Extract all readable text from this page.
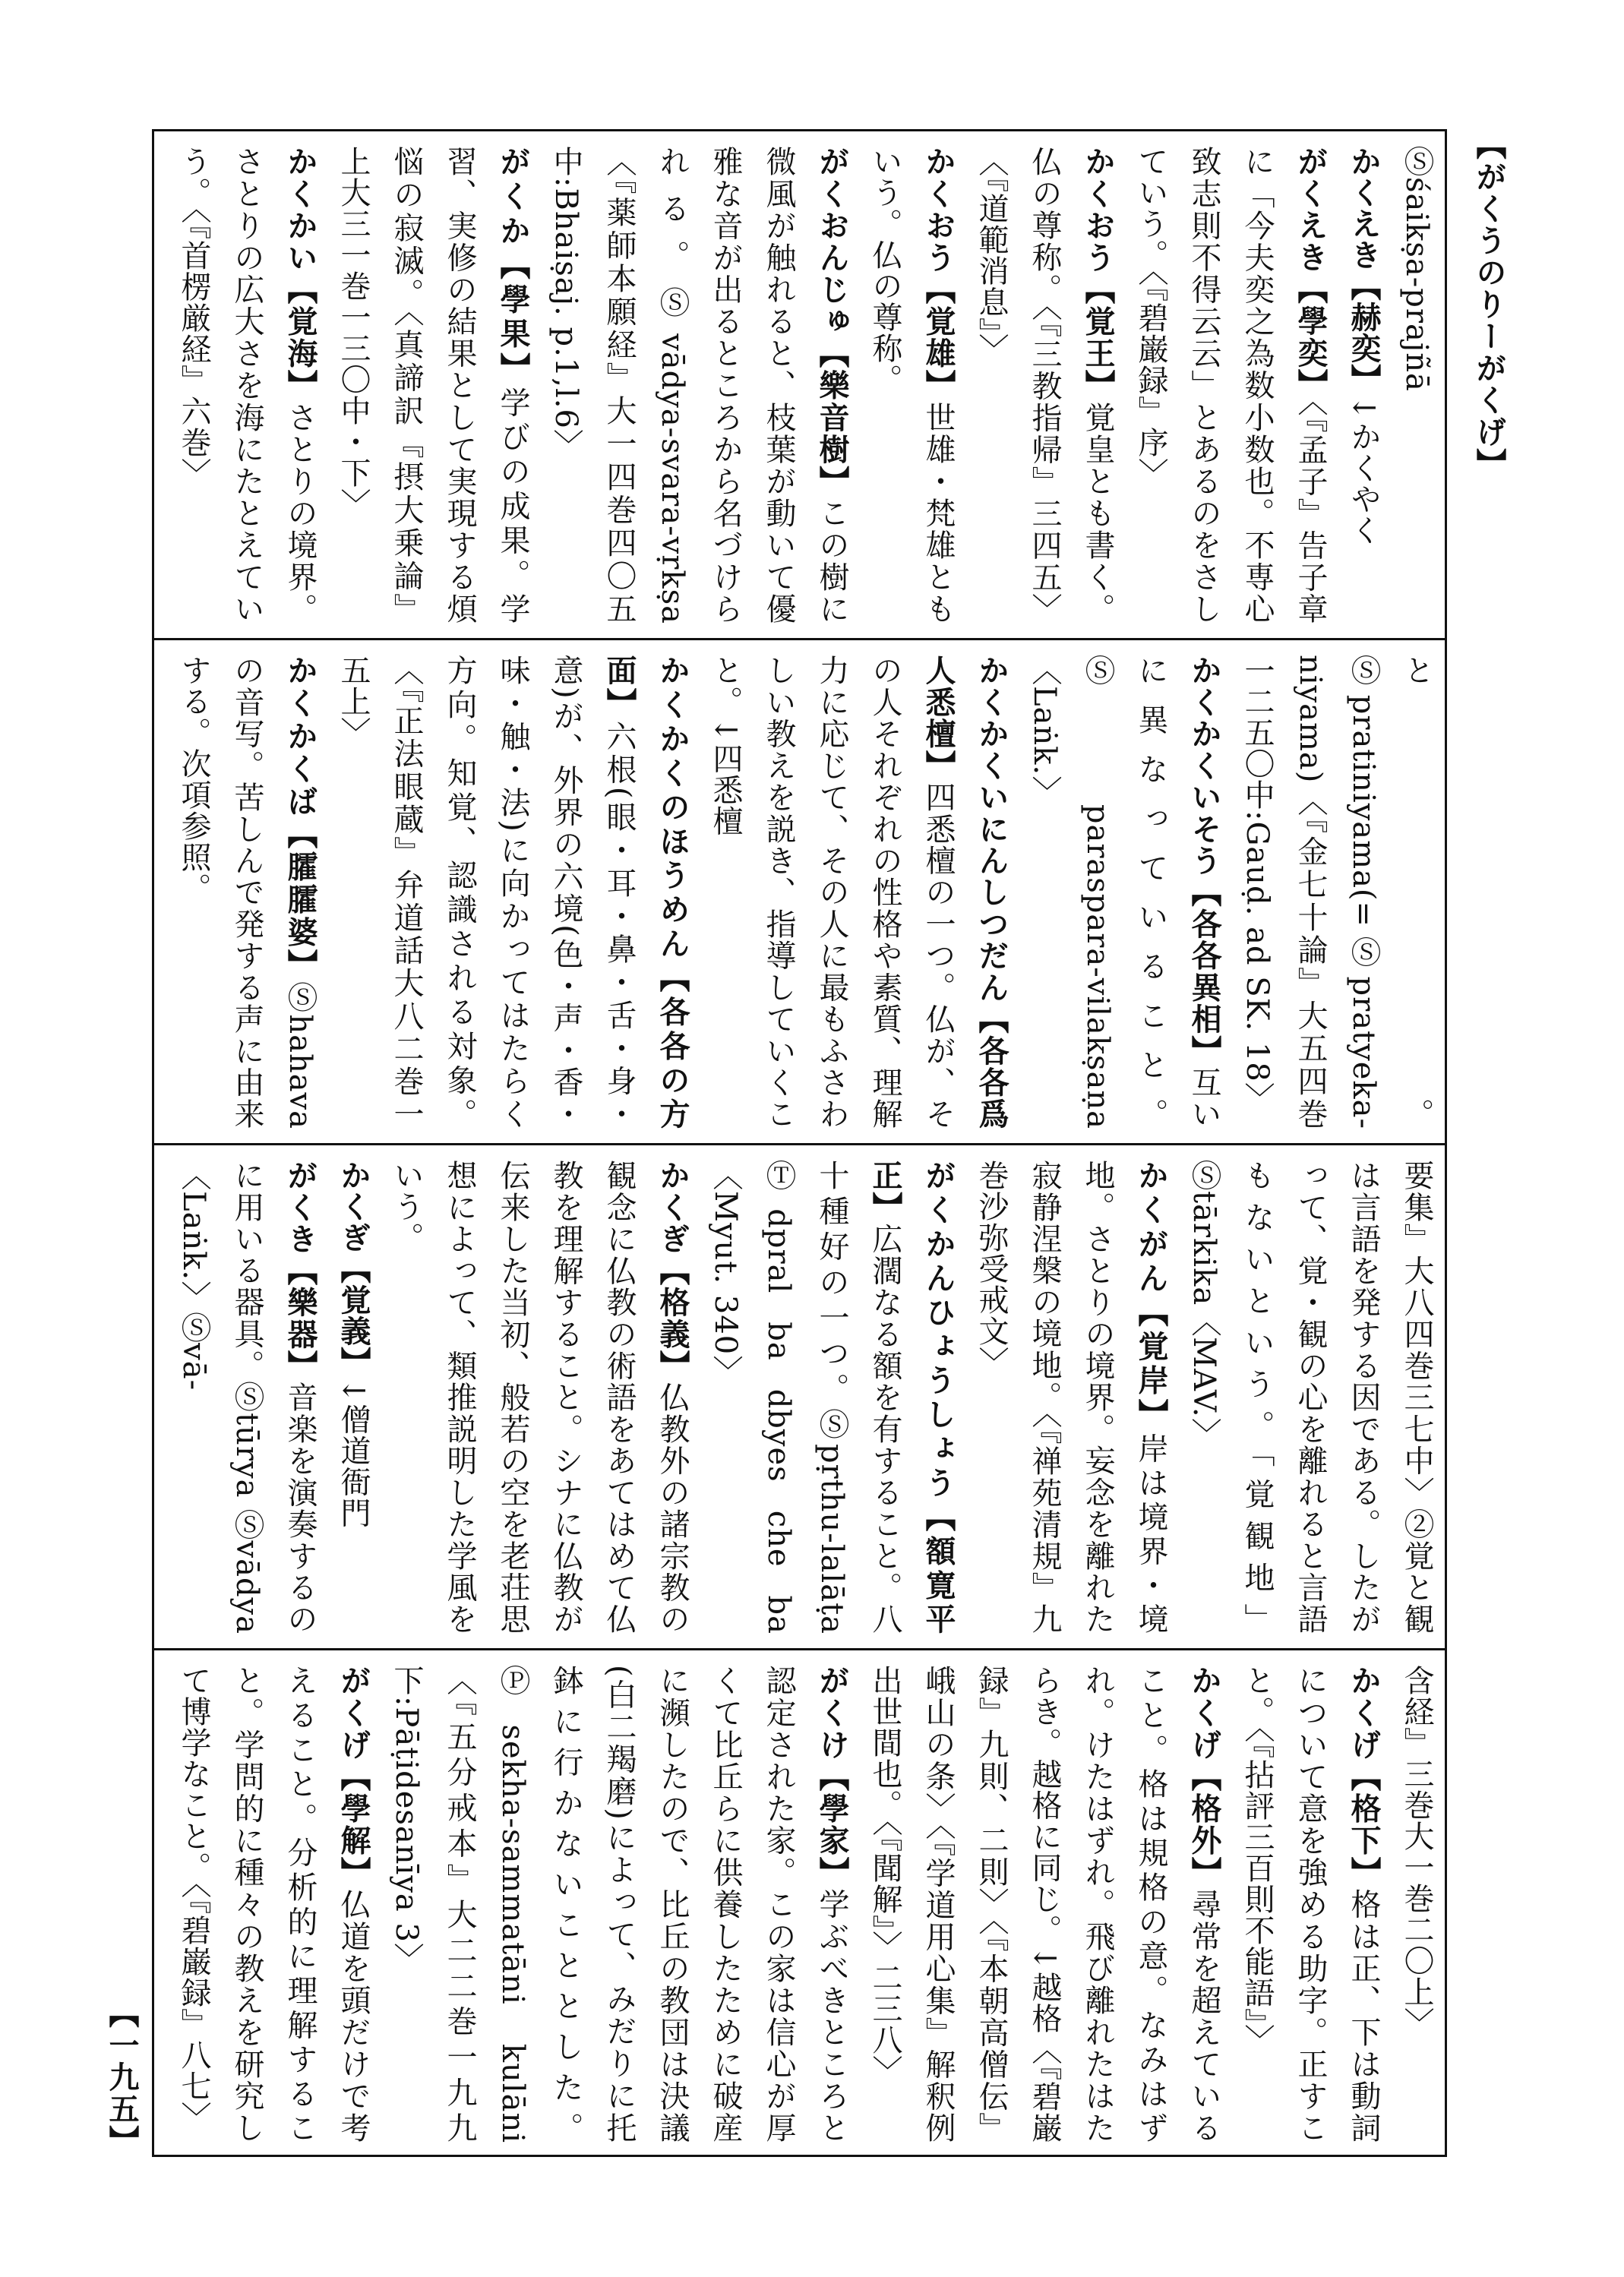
【がくうのりーがくげ】
【一九五】

Ⓢśaikṣa-prajñā

かくえき【赫奕】↓かくやく

がくえき【學奕】〈『孟子』告子章に「今夫奕之為数小数也。不専心致志則不得云云」とあるのをさしていう。〈『碧巌録』序〉

かくおう【覚王】覚皇とも書く。仏の尊称。〈『三教指帰』三四五〉〈『道範消息』〉

かくおう【覚雄】世雄・梵雄ともいう。仏の尊称。

がくおんじゅ【樂音樹】この樹に微風が触れると、枝葉が動いて優雅な音が出るところから名づけられる。Ⓢvādya-svara-vṛkṣa〈『薬師本願経』大一四巻四〇五中:Bhaiṣaj. p.1,l.6〉

がくか【學果】学びの成果。学習、実修の結果として実現する煩悩の寂滅。〈真諦訳『摂大乗論』上大三一巻一三〇中・下〉

かくかい【覚海】さとりの境界。さとりの広大さを海にたとえていう。〈『首楞厳経』六巻〉

と。Ⓢpratiniyama(=Ⓢpratyeka-niyama)〈『金七十論』大五四巻一二五〇中:Gauḍ. ad SK. 18〉

かくかくいそう【各各異相】互いに異なっていること。Ⓢparaspara-vilakṣaṇa〈Laṅk.〉

かくかくいにんしつだん【各各爲人悉檀】四悉檀の一つ。仏が、その人それぞれの性格や素質、理解力に応じて、その人に最もふさわしい教えを説き、指導していくこと。↓四悉檀

かくかくのほうめん【各各の方面】六根(眼・耳・鼻・舌・身・意)が、外界の六境(色・声・香・味・触・法)に向かってはたらく方向。知覚、認識される対象。〈『正法眼蔵』弁道話大八二巻一五上〉

かくかくば【臛臛婆】Ⓢhahava の音写。苦しんで発する声に由来する。次項参照。

要集』大八四巻三七中〉②覚と観は言語を発する因である。したがって、覚・観の心を離れると言語もないという。「覚観地」Ⓢtārkika〈MAV.〉

かくがん【覚岸】岸は境界・境地。さとりの境界。妄念を離れた寂静涅槃の境地。〈『禅苑清規』九巻沙弥受戒文〉

がくかんひょうしょう【額寛平正】広濶なる額を有すること。八十種好の一つ。Ⓢpṛthu-lalāṭa Ⓣdpral ba dbyes che ba〈Myut. 340〉

かくぎ【格義】仏教外の諸宗教の観念に仏教の術語をあてはめて仏教を理解すること。シナに仏教が伝来した当初、般若の空を老荘思想によって、類推説明した学風をいう。

かくぎ【覚義】↓僧道衙門

がくき【樂器】音楽を演奏するのに用いる器具。Ⓢtūrya Ⓢvādya〈Laṅk.〉Ⓢvā-

含経』三巻大一巻二〇上〉

かくげ【格下】格は正、下は動詞について意を強める助字。正すこと。〈『拈評三百則不能語』〉

かくげ【格外】尋常を超えていること。格は規格の意。なみはずれ。けたはずれ。飛び離れたはたらき。越格に同じ。↓越格〈『碧巌録』九則、二則〉〈『本朝高僧伝』峨山の条〉〈『学道用心集』解釈例出世間也。〈『聞解』〉二三八〉

がくけ【學家】学ぶべきところと認定された家。この家は信心が厚くて比丘らに供養したために破産に瀕したので、比丘の教団は決議(白二羯磨)によって、みだりに托鉢に行かないこととした。Ⓟsekha-sammatāni kulāni〈『五分戒本』大二二巻一九九下:Pāṭidesanīya 3〉

がくげ【學解】仏道を頭だけで考えること。分析的に理解すること。学問的に種々の教えを研究して博学なこと。〈『碧巌録』八七〉
